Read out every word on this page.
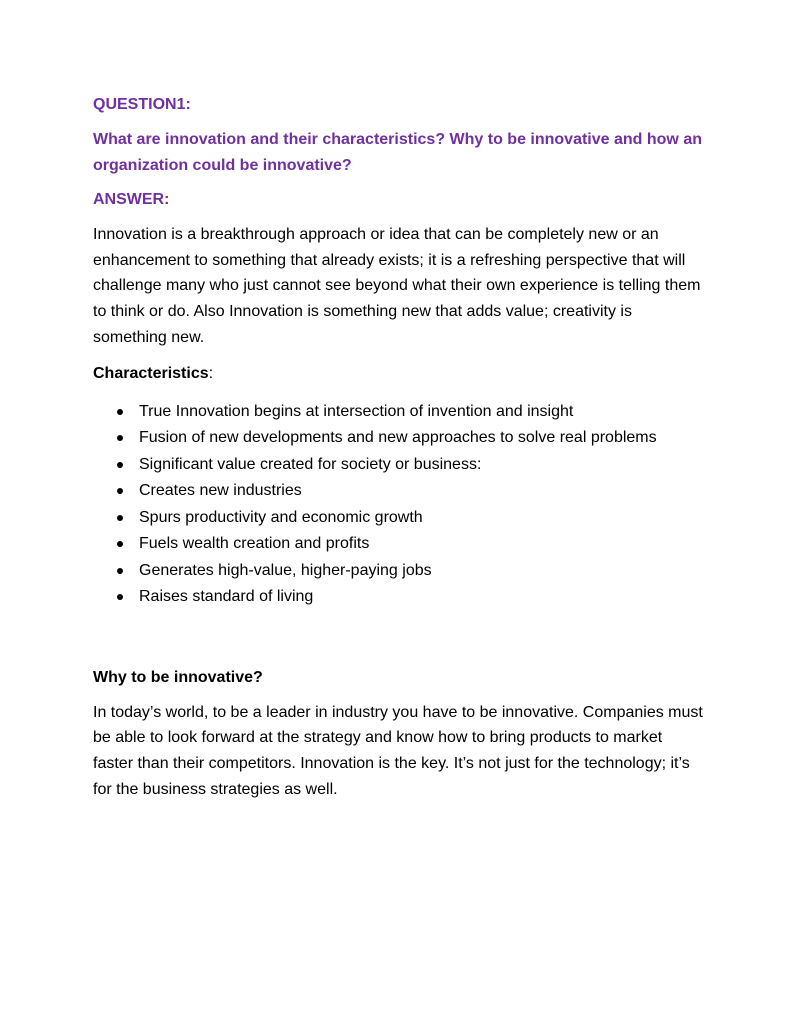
QUESTION1:

What are innovation and their characteristics? Why to be innovative and how an organization could be innovative?

ANSWER:

Innovation is a breakthrough approach or idea that can be completely new or an enhancement to something that already exists; it is a refreshing perspective that will challenge many who just cannot see beyond what their own experience is telling them to think or do. Also Innovation is something new that adds value; creativity is something new.

Characteristics:

True Innovation begins at intersection of invention and insight
Fusion of new developments and new approaches to solve real problems
Significant value created for society or business:
Creates new industries
Spurs productivity and economic growth
Fuels wealth creation and profits
Generates high-value, higher-paying jobs
Raises standard of living

Why to be innovative?

In today’s world, to be a leader in industry you have to be innovative. Companies must be able to look forward at the strategy and know how to bring products to market faster than their competitors. Innovation is the key. It’s not just for the technology; it’s for the business strategies as well.
